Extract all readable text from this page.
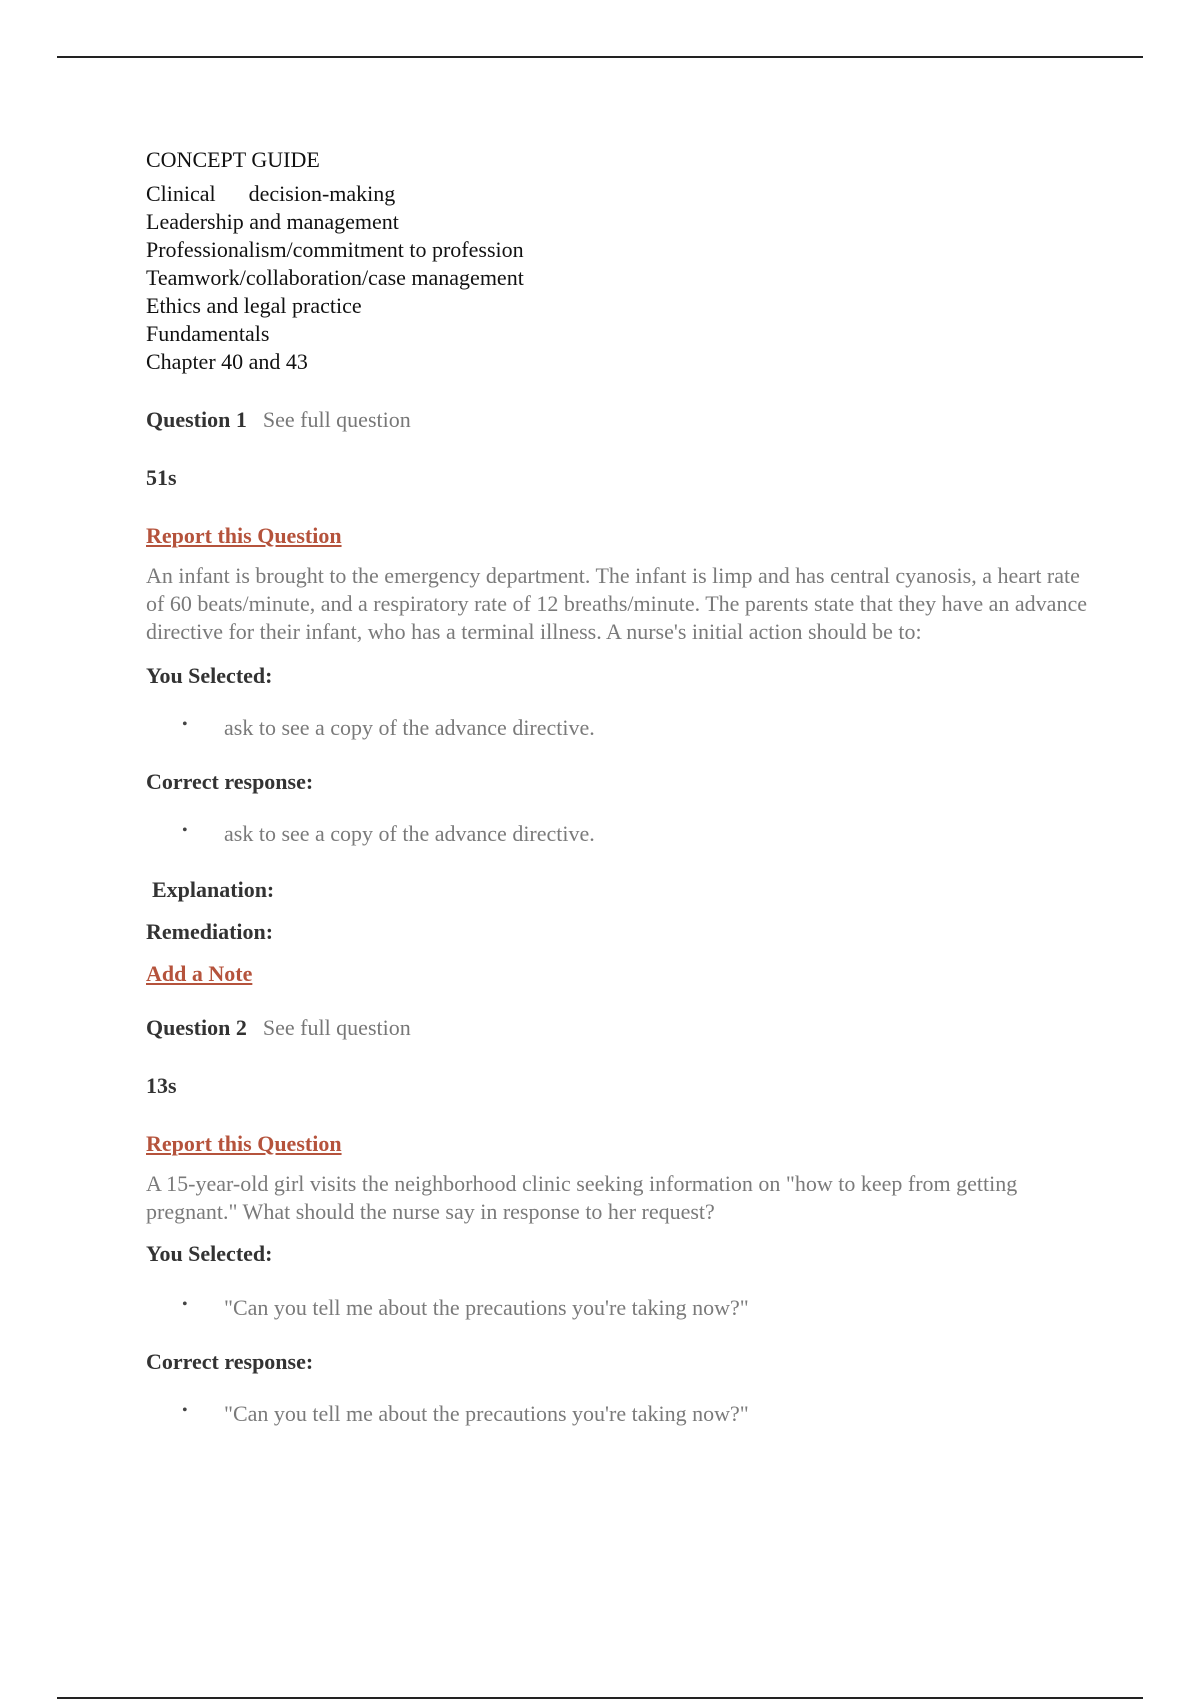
CONCEPT GUIDE
Clinical      decision-making
Leadership and management
Professionalism/commitment to profession
Teamwork/collaboration/case management
Ethics and legal practice
Fundamentals
Chapter 40 and 43
Question 1 See full question
51s
Report this Question
An infant is brought to the emergency department. The infant is limp and has central cyanosis, a heart rate of 60 beats/minute, and a respiratory rate of 12 breaths/minute. The parents state that they have an advance directive for their infant, who has a terminal illness. A nurse's initial action should be to:
You Selected:
• ask to see a copy of the advance directive.
Correct response:
• ask to see a copy of the advance directive.
Explanation:
Remediation:
Add a Note
Question 2 See full question
13s
Report this Question
A 15-year-old girl visits the neighborhood clinic seeking information on "how to keep from getting pregnant." What should the nurse say in response to her request?
You Selected:
• "Can you tell me about the precautions you're taking now?"
Correct response:
• "Can you tell me about the precautions you're taking now?"
